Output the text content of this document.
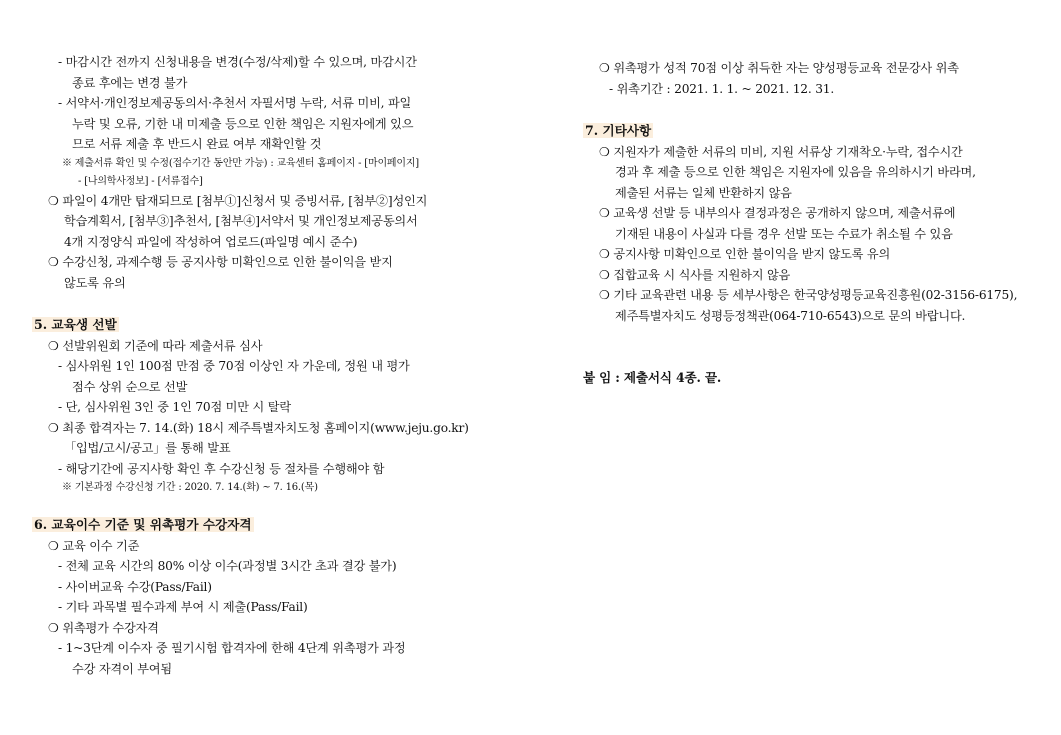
- 마감시간 전까지 신청내용을 변경(수정/삭제)할 수 있으며, 마감시간
종료 후에는 변경 불가
- 서약서·개인정보제공동의서·추천서 자필서명 누락, 서류 미비, 파일
누락 및 오류, 기한 내 미제출 등으로 인한 책임은 지원자에게 있으
므로 서류 제출 후 반드시 완료 여부 재확인할 것
※ 제출서류 확인 및 수정(접수기간 동안만 가능) : 교육센터 홈페이지 - [마이페이지]
- [나의학사정보] - [서류접수]
❍ 파일이 4개만 탑재되므로 [첨부①]신청서 및 증빙서류, [첨부②]성인지
학습계획서, [첨부③]추천서, [첨부④]서약서 및 개인정보제공동의서
4개 지정양식 파일에 작성하여 업로드(파일명 예시 준수)
❍ 수강신청, 과제수행 등 공지사항 미확인으로 인한 불이익을 받지
않도록 유의
5. 교육생 선발
❍ 선발위원회 기준에 따라 제출서류 심사
- 심사위원 1인 100점 만점 중 70점 이상인 자 가운데, 정원 내 평가
점수 상위 순으로 선발
- 단, 심사위원 3인 중 1인 70점 미만 시 탈락
❍ 최종 합격자는 7. 14.(화) 18시 제주특별자치도청 홈페이지(www.jeju.go.kr)
「입법/고시/공고」를 통해 발표
- 해당기간에 공지사항 확인 후 수강신청 등 절차를 수행해야 함
※ 기본과정 수강신청 기간 : 2020. 7. 14.(화) ~ 7. 16.(목)
6. 교육이수 기준 및 위촉평가 수강자격
❍ 교육 이수 기준
- 전체 교육 시간의 80% 이상 이수(과정별 3시간 초과 결강 불가)
- 사이버교육 수강(Pass/Fail)
- 기타 과목별 필수과제 부여 시 제출(Pass/Fail)
❍ 위촉평가 수강자격
- 1~3단계 이수자 중 필기시험 합격자에 한해 4단계 위촉평가 과정
수강 자격이 부여됨
❍ 위촉평가 성적 70점 이상 취득한 자는 양성평등교육 전문강사 위촉
- 위촉기간 : 2021. 1. 1. ~ 2021. 12. 31.
7. 기타사항
❍ 지원자가 제출한 서류의 미비, 지원 서류상 기재착오·누락, 접수시간
경과 후 제출 등으로 인한 책임은 지원자에 있음을 유의하시기 바라며,
제출된 서류는 일체 반환하지 않음
❍ 교육생 선발 등 내부의사 결정과정은 공개하지 않으며, 제출서류에
기재된 내용이 사실과 다를 경우 선발 또는 수료가 취소될 수 있음
❍ 공지사항 미확인으로 인한 불이익을 받지 않도록 유의
❍ 집합교육 시 식사를 지원하지 않음
❍ 기타 교육관련 내용 등 세부사항은 한국양성평등교육진흥원(02-3156-6175),
제주특별자치도 성평등정책관(064-710-6543)으로 문의 바랍니다.
붙 임 : 제출서식 4종. 끝.
